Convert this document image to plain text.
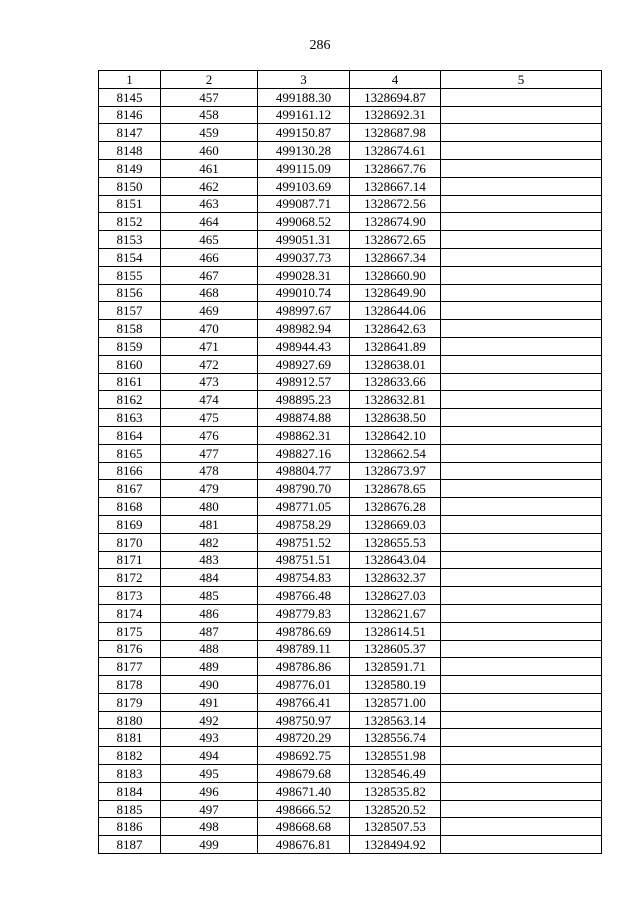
286
1	2	3	4	5
8145	457	499188.30	1328694.87	
8146	458	499161.12	1328692.31	
8147	459	499150.87	1328687.98	
8148	460	499130.28	1328674.61	
8149	461	499115.09	1328667.76	
8150	462	499103.69	1328667.14	
8151	463	499087.71	1328672.56	
8152	464	499068.52	1328674.90	
8153	465	499051.31	1328672.65	
8154	466	499037.73	1328667.34	
8155	467	499028.31	1328660.90	
8156	468	499010.74	1328649.90	
8157	469	498997.67	1328644.06	
8158	470	498982.94	1328642.63	
8159	471	498944.43	1328641.89	
8160	472	498927.69	1328638.01	
8161	473	498912.57	1328633.66	
8162	474	498895.23	1328632.81	
8163	475	498874.88	1328638.50	
8164	476	498862.31	1328642.10	
8165	477	498827.16	1328662.54	
8166	478	498804.77	1328673.97	
8167	479	498790.70	1328678.65	
8168	480	498771.05	1328676.28	
8169	481	498758.29	1328669.03	
8170	482	498751.52	1328655.53	
8171	483	498751.51	1328643.04	
8172	484	498754.83	1328632.37	
8173	485	498766.48	1328627.03	
8174	486	498779.83	1328621.67	
8175	487	498786.69	1328614.51	
8176	488	498789.11	1328605.37	
8177	489	498786.86	1328591.71	
8178	490	498776.01	1328580.19	
8179	491	498766.41	1328571.00	
8180	492	498750.97	1328563.14	
8181	493	498720.29	1328556.74	
8182	494	498692.75	1328551.98	
8183	495	498679.68	1328546.49	
8184	496	498671.40	1328535.82	
8185	497	498666.52	1328520.52	
8186	498	498668.68	1328507.53	
8187	499	498676.81	1328494.92	
